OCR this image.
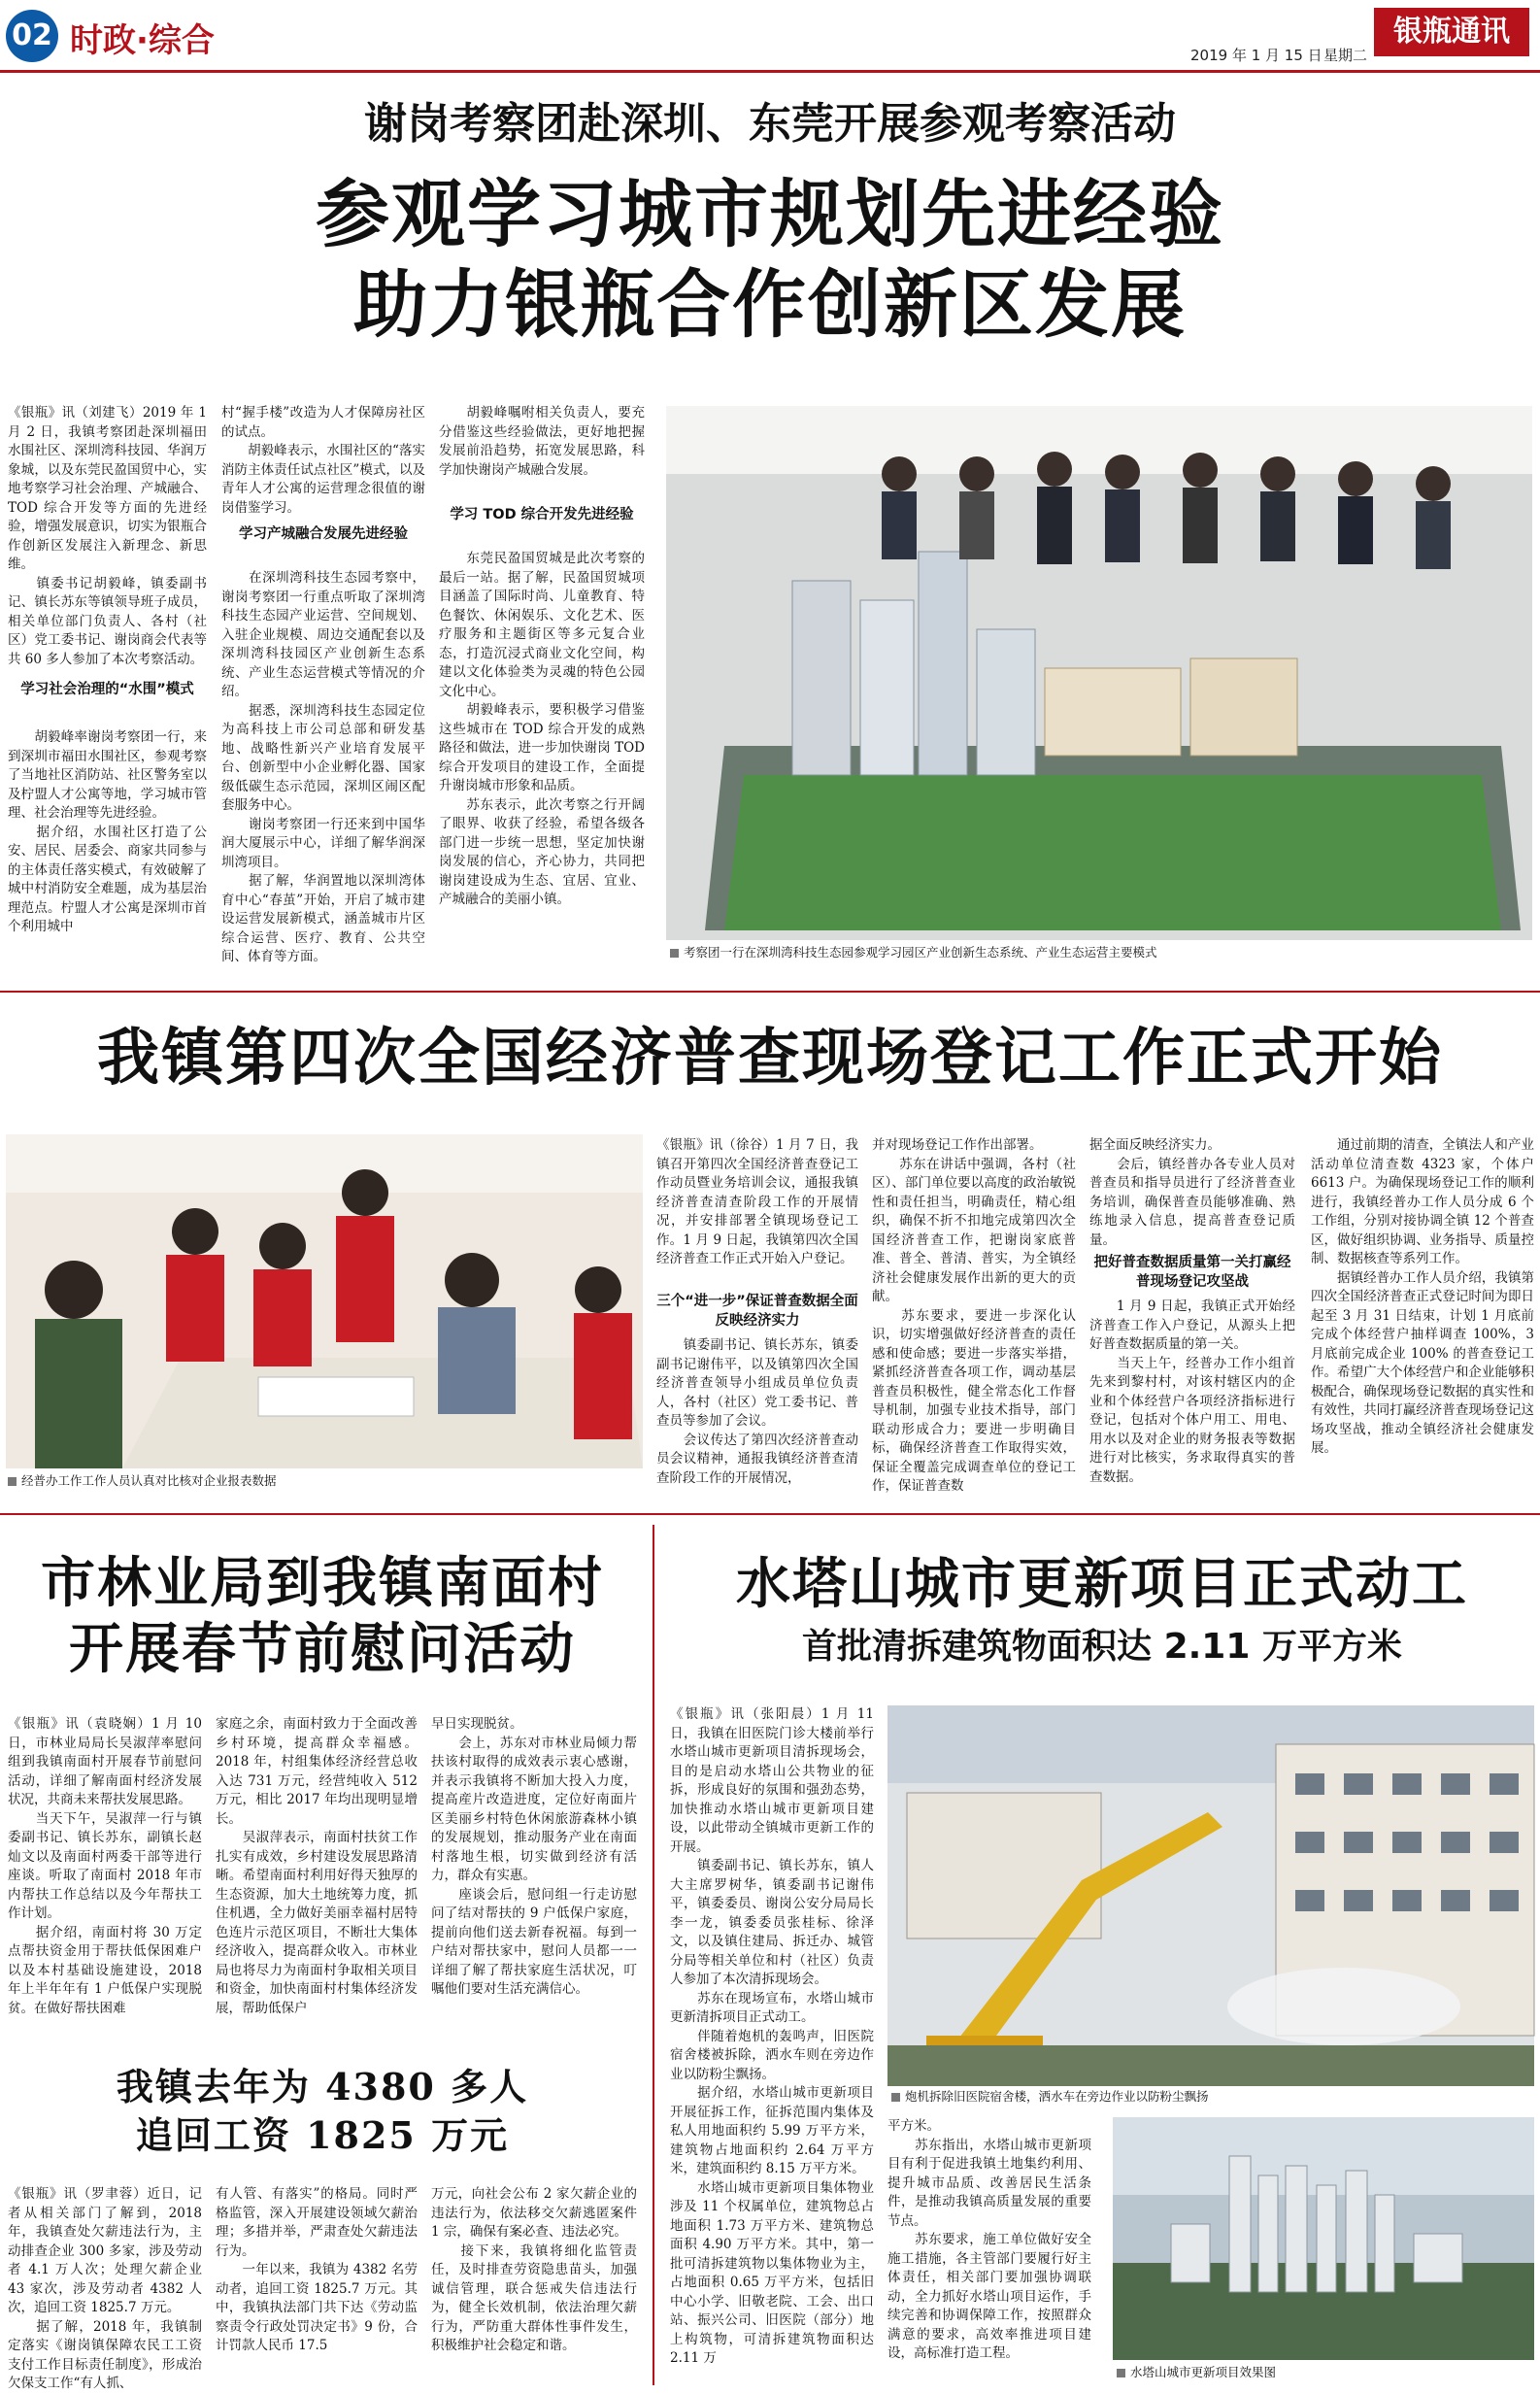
02 时政·综合	2019 年 1 月 15 日 星期二
银瓶通讯
谢岗考察团赴深圳、东莞开展参观考察活动
参观学习城市规划先进经验
助力银瓶合作创新区发展
《银瓶》讯（刘建飞）2019 年 1 月 2 日，我镇考察团赴深圳福田水围社区、深圳湾科技园、华润万象城，以及东莞民盈国贸中心，实地考察学习社会治理、产城融合、TOD 综合开发等方面的先进经验，增强发展意识，切实为银瓶合作创新区发展注入新理念、新思维。
　　镇委书记胡毅峰，镇委副书记、镇长苏东等镇领导班子成员，相关单位部门负责人、各村（社区）党工委书记、谢岗商会代表等共 60 多人参加了本次考察活动。
学习社会治理的“水围”模式
　　胡毅峰率谢岗考察团一行，来到深圳市福田水围社区，参观考察了当地社区消防站、社区警务室以及柠盟人才公寓等地，学习城市管理、社会治理等先进经验。
　　据介绍，水围社区打造了公安、居民、居委会、商家共同参与的主体责任落实模式，有效破解了城中村消防安全难题，成为基层治理范点。柠盟人才公寓是深圳市首个利用城中
村“握手楼”改造为人才保障房社区的试点。
　　胡毅峰表示，水围社区的“落实消防主体责任试点社区”模式，以及青年人才公寓的运营理念很值的谢岗借鉴学习。
学习产城融合发展先进经验
　　在深圳湾科技生态园考察中，谢岗考察团一行重点听取了深圳湾科技生态园产业运营、空间规划、入驻企业规模、周边交通配套以及深圳湾科技园区产业创新生态系统、产业生态运营模式等情况的介绍。
　　据悉，深圳湾科技生态园定位为高科技上市公司总部和研发基地、战略性新兴产业培育发展平台、创新型中小企业孵化器、国家级低碳生态示范园，深圳区闹区配套服务中心。
　　谢岗考察团一行还来到中国华润大厦展示中心，详细了解华润深圳湾项目。
　　据了解，华润置地以深圳湾体育中心“春茧”开始，开启了城市建设运营发展新模式，涵盖城市片区综合运营、医疗、教育、公共空间、体育等方面。
　　胡毅峰嘱咐相关负责人，要充分借鉴这些经验做法，更好地把握发展前沿趋势，拓宽发展思路，科学加快谢岗产城融合发展。
学习 TOD 综合开发先进经验
　　东莞民盈国贸城是此次考察的最后一站。据了解，民盈国贸城项目涵盖了国际时尚、儿童教育、特色餐饮、休闲娱乐、文化艺术、医疗服务和主题街区等多元复合业态，打造沉浸式商业文化空间，构建以文化体验类为灵魂的特色公园文化中心。
　　胡毅峰表示，要积极学习借鉴这些城市在 TOD 综合开发的成熟路径和做法，进一步加快谢岗 TOD 综合开发项目的建设工作，全面提升谢岗城市形象和品质。
　　苏东表示，此次考察之行开阔了眼界、收获了经验，希望各级各部门进一步统一思想，坚定加快谢岗发展的信心，齐心协力，共同把谢岗建设成为生态、宜居、宜业、产城融合的美丽小镇。
考察团一行在深圳湾科技生态园参观学习园区产业创新生态系统、产业生态运营主要模式
我镇第四次全国经济普查现场登记工作正式开始
经普办工作工作人员认真对比核对企业报表数据
《银瓶》讯（徐谷）1 月 7 日，我镇召开第四次全国经济普查登记工作动员暨业务培训会议，通报我镇经济普查清查阶段工作的开展情况，并安排部署全镇现场登记工作。1 月 9 日起，我镇第四次全国经济普查工作正式开始入户登记。
三个“进一步”保证普查数据全面反映经济实力
　　镇委副书记、镇长苏东，镇委副书记谢伟平，以及镇第四次全国经济普查领导小组成员单位负责人，各村（社区）党工委书记、普查员等参加了会议。
　　会议传达了第四次经济普查动员会议精神，通报我镇经济普查清查阶段工作的开展情况，
并对现场登记工作作出部署。
　　苏东在讲话中强调，各村（社区）、部门单位要以高度的政治敏锐性和责任担当，明确责任，精心组织，确保不折不扣地完成第四次全国经济普查工作，把谢岗家底普准、普全、普清、普实，为全镇经济社会健康发展作出新的更大的贡献。
　　苏东要求，要进一步深化认识，切实增强做好经济普查的责任感和使命感；要进一步落实举措，紧抓经济普查各项工作，调动基层普查员积极性，健全常态化工作督导机制，加强专业技术指导，部门联动形成合力；要进一步明确目标，确保经济普查工作取得实效，保证全覆盖完成调查单位的登记工作，保证普查数
据全面反映经济实力。
　　会后，镇经普办各专业人员对普查员和指导员进行了经济普查业务培训，确保普查员能够准确、熟练地录入信息，提高普查登记质量。
把好普查数据质量第一关打赢经普现场登记攻坚战
　　1 月 9 日起，我镇正式开始经济普查工作入户登记，从源头上把好普查数据质量的第一关。
　　当天上午，经普办工作小组首先来到黎村村，对该村辖区内的企业和个体经营户各项经济指标进行登记，包括对个体户用工、用电、用水以及对企业的财务报表等数据进行对比核实，务求取得真实的普查数据。
　　通过前期的清查，全镇法人和产业活动单位清查数 4323 家，个体户 6613 户。为确保现场登记工作的顺利进行，我镇经普办工作人员分成 6 个工作组，分别对接协调全镇 12 个普查区，做好组织协调、业务指导、质量控制、数据核查等系列工作。
　　据镇经普办工作人员介绍，我镇第四次全国经济普查正式登记时间为即日起至 3 月 31 日结束，计划 1 月底前完成个体经营户抽样调查 100%，3 月底前完成企业 100% 的普查登记工作。希望广大个体经营户和企业能够积极配合，确保现场登记数据的真实性和有效性，共同打赢经济普查现场登记这场攻坚战，推动全镇经济社会健康发展。
市林业局到我镇南面村
开展春节前慰问活动
《银瓶》讯（袁晓娴）1 月 10 日，市林业局局长吴淑萍率慰问组到我镇南面村开展春节前慰问活动，详细了解南面村经济发展状况，共商未来帮扶发展思路。
　　当天下午，吴淑萍一行与镇委副书记、镇长苏东，副镇长赵灿文以及南面村两委干部等进行座谈。听取了南面村 2018 年市内帮扶工作总结以及今年帮扶工作计划。
　　据介绍，南面村将 30 万定点帮扶资金用于帮扶低保困难户以及本村基础设施建设，2018 年上半年年有 1 户低保户实现脱贫。在做好帮扶困难
家庭之余，南面村致力于全面改善乡村环境，提高群众幸福感。2018 年，村组集体经济经营总收入达 731 万元，经营纯收入 512 万元，相比 2017 年均出现明显增长。
　　吴淑萍表示，南面村扶贫工作扎实有成效，乡村建设发展思路清晰。希望南面村利用好得天独厚的生态资源，加大土地统筹力度，抓住机遇，全力做好美丽幸福村居特色连片示范区项目，不断壮大集体经济收入，提高群众收入。市林业局也将尽力为南面村争取相关项目和资金，加快南面村村集体经济发展，帮助低保户
早日实现脱贫。
　　会上，苏东对市林业局倾力帮扶该村取得的成效表示衷心感谢，并表示我镇将不断加大投入力度，提高産片改造进度，定位好南面片区美丽乡村特色休闲旅游森林小镇的发展规划，推动服务产业在南面村落地生根，切实做到经济有活力，群众有实惠。
　　座谈会后，慰问组一行走访慰问了结对帮扶的 9 户低保户家庭，提前向他们送去新春祝福。每到一户结对帮扶家中，慰问人员都一一详细了解了帮扶家庭生活状况，叮嘱他们要对生活充满信心。
我镇去年为 4380 多人
追回工资 1825 万元
《银瓶》讯（罗聿蓉）近日，记者从相关部门了解到，2018 年，我镇查处欠薪违法行为，主动排查企业 300 多家，涉及劳动者 4.1 万人次；处理欠薪企业 43 家次，涉及劳动者 4382 人次，追回工资 1825.7 万元。
　　据了解，2018 年，我镇制定落实《谢岗镇保障农民工工资支付工作目标责任制度》，形成治欠保支工作“有人抓、
有人管、有落实”的格局。同时严格监管，深入开展建设领域欠薪治理；多措并举，严肃查处欠薪违法行为。
　　一年以来，我镇为 4382 名劳动者，追回工资 1825.7 万元。其中，我镇执法部门共下达《劳动监察责令行政处罚决定书》9 份，合计罚款人民币 17.5
万元，向社会公布 2 家欠薪企业的违法行为，依法移交欠薪逃匿案件 1 宗，确保有案必查、违法必究。
　　接下来，我镇将细化监管责任，及时排查劳资隐患苗头，加强诚信管理，联合惩戒失信违法行为，健全长效机制，依法治理欠薪行为，严防重大群体性事件发生，积极维护社会稳定和谐。
水塔山城市更新项目正式动工
首批清拆建筑物面积达 2.11 万平方米
《银瓶》讯（张阳晨）1 月 11 日，我镇在旧医院门诊大楼前举行水塔山城市更新项目清拆现场会，目的是启动水塔山公共物业的征拆，形成良好的氛围和强劲态势，加快推动水塔山城市更新项目建设，以此带动全镇城市更新工作的开展。
　　镇委副书记、镇长苏东，镇人大主席罗树华，镇委副书记谢伟平，镇委委员、谢岗公安分局局长李一龙，镇委委员张桂标、徐泽文，以及镇住建局、拆迁办、城管分局等相关单位和村（社区）负责人参加了本次清拆现场会。
　　苏东在现场宣布，水塔山城市更新清拆项目正式动工。
　　伴随着炮机的轰鸣声，旧医院宿舍楼被拆除，洒水车则在旁边作业以防粉尘飘扬。
　　据介绍，水塔山城市更新项目开展征拆工作，征拆范围内集体及私人用地面积约 5.99 万平方米，建筑物占地面积约 2.64 万平方米，建筑面积约 8.15 万平方米。
　　水塔山城市更新项目集体物业涉及 11 个权属单位，建筑物总占地面积 1.73 万平方米、建筑物总面积 4.90 万平方米。其中，第一批可清拆建筑物以集体物业为主，占地面积 0.65 万平方米，包括旧中心小学、旧敬老院、工会、出口站、振兴公司、旧医院（部分）地上构筑物，可清拆建筑物面积达 2.11 万
炮机拆除旧医院宿舍楼，洒水车在旁边作业以防粉尘飘扬
平方米。
　　苏东指出，水塔山城市更新项目有利于促进我镇土地集约利用、提升城市品质、改善居民生活条件，是推动我镇高质量发展的重要节点。
　　苏东要求，施工单位做好安全施工措施，各主管部门要履行好主体责任，相关部门要加强协调联动，全力抓好水塔山项目运作，手续完善和协调保障工作，按照群众满意的要求，高效率推进项目建设，高标准打造工程。
水塔山城市更新项目效果图
